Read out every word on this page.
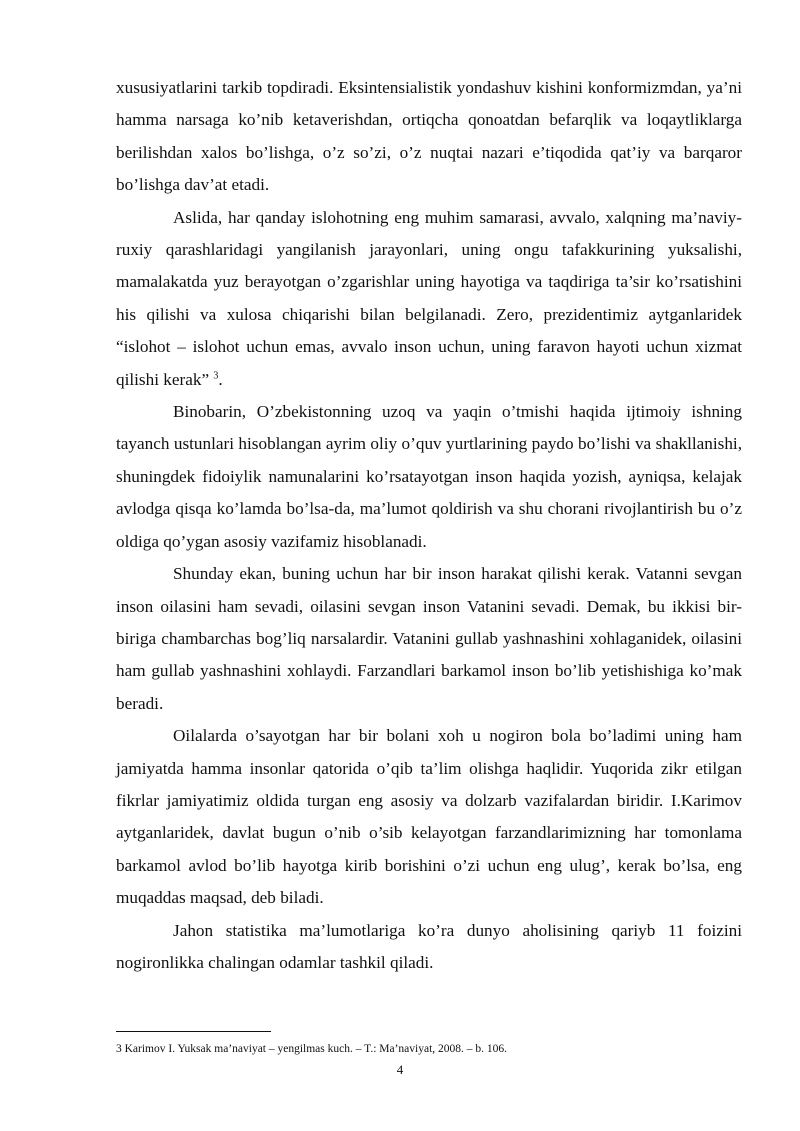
xususiyatlarini tarkib topdiradi. Eksintensialistik yondashuv kishini konformizmdan, ya’ni hamma narsaga ko’nib ketaverishdan, ortiqcha qonoatdan befarqlik va loqaytliklarga berilishdan xalos bo’lishga, o’z so’zi, o’z nuqtai nazari e’tiqodida qat’iy va barqaror bo’lishga dav’at etadi.

Aslida, har qanday islohotning eng muhim samarasi, avvalo, xalqning ma’naviy-ruxiy qarashlaridagi yangilanish jarayonlari, uning ongu tafakkurining yuksalishi, mamalakatda yuz berayotgan o’zgarishlar uning hayotiga va taqdiriga ta’sir ko’rsatishini his qilishi va xulosa chiqarishi bilan belgilanadi. Zero, prezidentimiz aytganlaridek “islohot – islohot uchun emas, avvalo inson uchun, uning faravon hayoti uchun xizmat qilishi kerak” $^3$.

Binobarin, O’zbekistonning uzoq va yaqin o’tmishi haqida ijtimoiy ishning tayanch ustunlari hisoblangan ayrim oliy o’quv yurtlarining paydo bo’lishi va shakllanishi, shuningdek fidoiylik namunalarini ko’rsatayotgan inson haqida yozish, ayniqsa, kelajak avlodga qisqa ko’lamda bo’lsa-da, ma’lumot qoldirish va shu chorani rivojlantirish bu o’z oldiga qo’ygan asosiy vazifamiz hisoblanadi.

Shunday ekan, buning uchun har bir inson harakat qilishi kerak. Vatanni sevgan inson oilasini ham sevadi, oilasini sevgan inson Vatanini sevadi. Demak, bu ikkisi bir-biriga chambarchas bog’liq narsalardir. Vatanini gullab yashnashini xohlaganidek, oilasini ham gullab yashnashini xohlaydi. Farzandlari barkamol inson bo’lib yetishishiga ko’mak beradi.

Oilalarda o’sayotgan har bir bolani xoh u nogiron bola bo’ladimi uning ham jamiyatda hamma insonlar qatorida o’qib ta’lim olishga haqlidir. Yuqorida zikr etilgan fikrlar jamiyatimiz oldida turgan eng asosiy va dolzarb vazifalardan biridir. I.Karimov aytganlaridek, davlat bugun o’nib o’sib kelayotgan farzandlarimizning har tomonlama barkamol avlod bo’lib hayotga kirib borishini o’zi uchun eng ulug’, kerak bo’lsa, eng muqaddas maqsad, deb biladi.

Jahon statistika ma’lumotlariga ko’ra dunyo aholisining qariyb 11 foizini nogironlikka chalingan odamlar tashkil qiladi.

3 Karimov I. Yuksak ma’naviyat – yengilmas kuch. – T.: Ma’naviyat, 2008. – b. 106.

4
